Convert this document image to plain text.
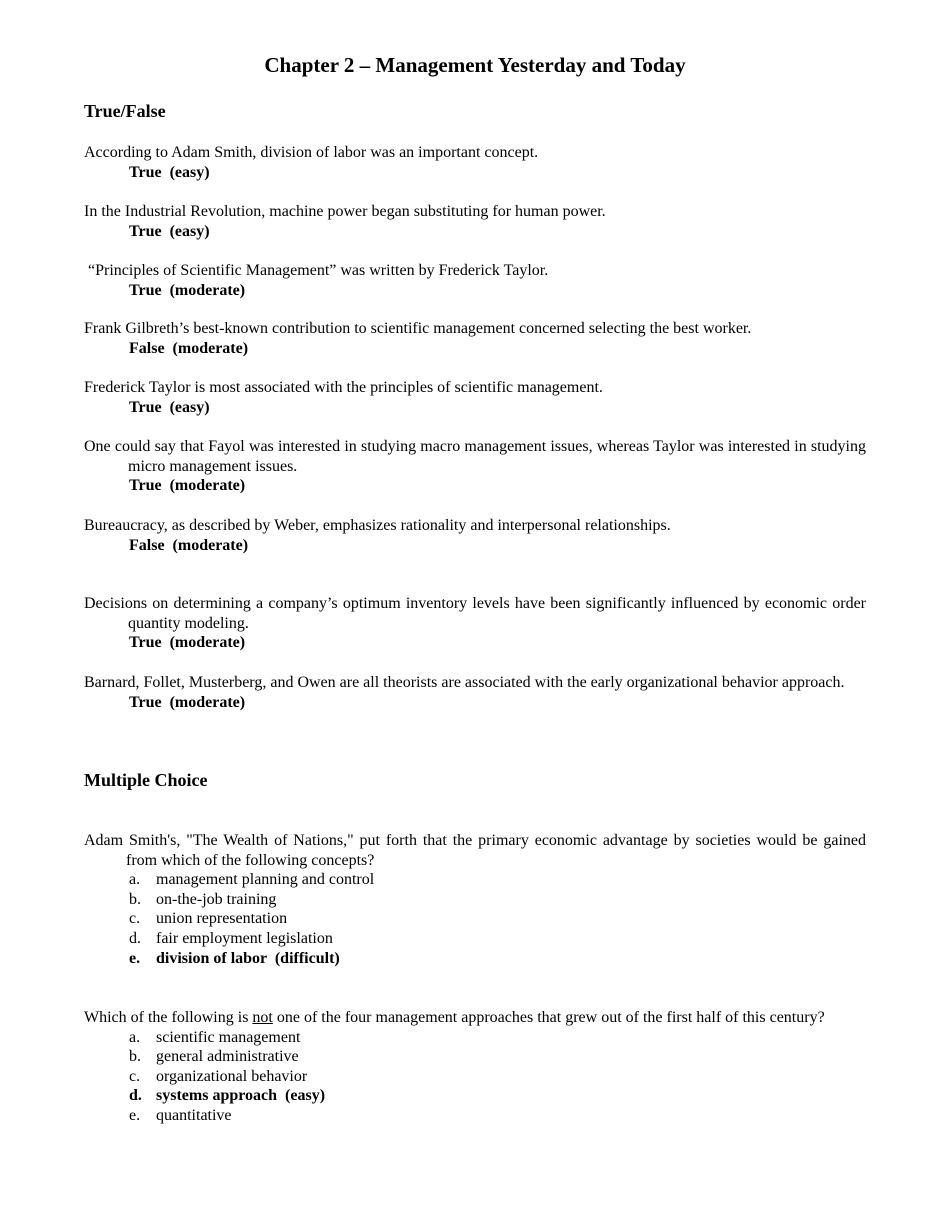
Chapter 2 – Management Yesterday and Today
True/False
According to Adam Smith, division of labor was an important concept.
True (easy)
In the Industrial Revolution, machine power began substituting for human power.
True (easy)
“Principles of Scientific Management” was written by Frederick Taylor.
True (moderate)
Frank Gilbreth’s best-known contribution to scientific management concerned selecting the best worker.
False (moderate)
Frederick Taylor is most associated with the principles of scientific management.
True (easy)
One could say that Fayol was interested in studying macro management issues, whereas Taylor was interested in studying micro management issues.
True (moderate)
Bureaucracy, as described by Weber, emphasizes rationality and interpersonal relationships.
False (moderate)
Decisions on determining a company’s optimum inventory levels have been significantly influenced by economic order quantity modeling.
True (moderate)
Barnard, Follet, Musterberg, and Owen are all theorists are associated with the early organizational behavior approach.
True (moderate)
Multiple Choice
Adam Smith's, "The Wealth of Nations," put forth that the primary economic advantage by societies would be gained from which of the following concepts?
a. management planning and control
b. on-the-job training
c. union representation
d. fair employment legislation
e. division of labor  (difficult)
Which of the following is not one of the four management approaches that grew out of the first half of this century?
a. scientific management
b. general administrative
c. organizational behavior
d. systems approach  (easy)
e. quantitative
